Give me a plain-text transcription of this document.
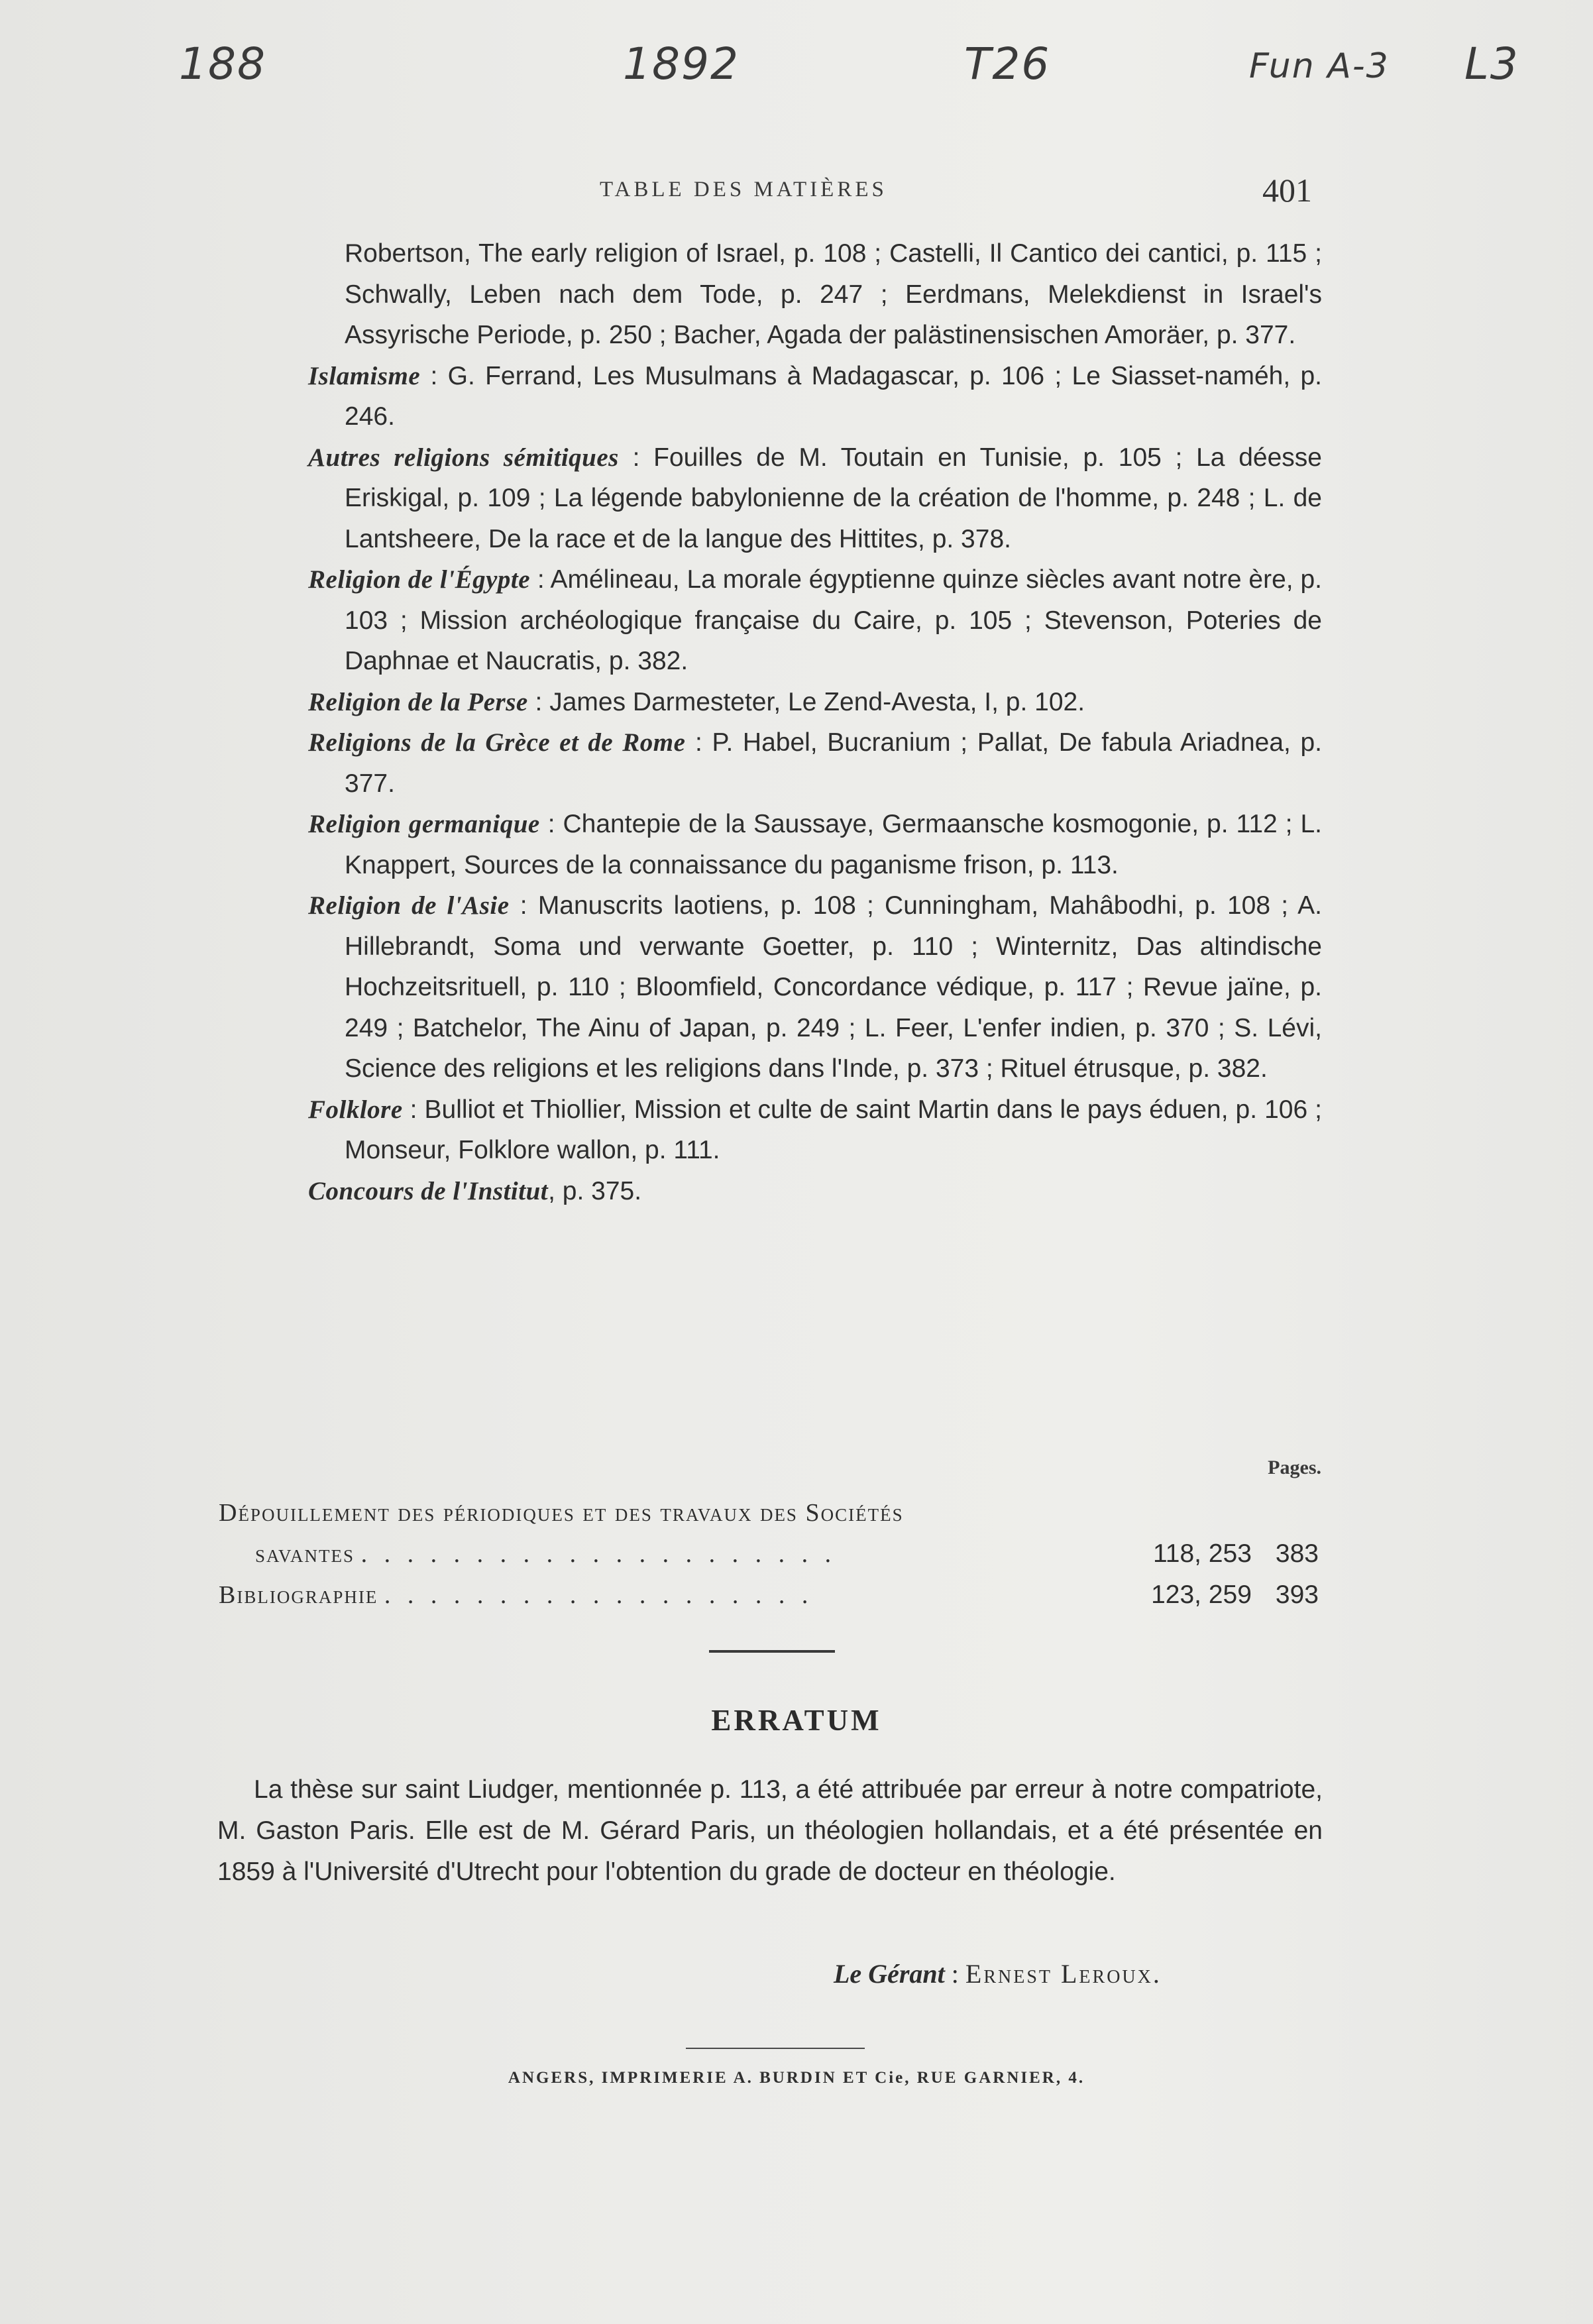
188	1892	T26	Fun A-3 L3
TABLE DES MATIÈRES	401

Robertson, The early religion of Israel, p. 108 ; Castelli, Il Cantico dei cantici, p. 115 ; Schwally, Leben nach dem Tode, p. 247 ; Eerdmans, Melekdienst in Israel's Assyrische Periode, p. 250 ; Bacher, Agada der palästinensischen Amoräer, p. 377.

Islamisme : G. Ferrand, Les Musulmans à Madagascar, p. 106 ; Le Siasset-naméh, p. 246.

Autres religions sémitiques : Fouilles de M. Toutain en Tunisie, p. 105 ; La déesse Eriskigal, p. 109 ; La légende babylonienne de la création de l'homme, p. 248 ; L. de Lantsheere, De la race et de la langue des Hittites, p. 378.

Religion de l'Égypte : Amélineau, La morale égyptienne quinze siècles avant notre ère, p. 103 ; Mission archéologique française du Caire, p. 105 ; Stevenson, Poteries de Daphnae et Naucratis, p. 382.

Religion de la Perse : James Darmesteter, Le Zend-Avesta, I, p. 102.

Religions de la Grèce et de Rome : P. Habel, Bucranium ; Pallat, De fabula Ariadnea, p. 377.

Religion germanique : Chantepie de la Saussaye, Germaansche kosmogonie, p. 112 ; L. Knappert, Sources de la connaissance du paganisme frison, p. 113.

Religion de l'Asie : Manuscrits laotiens, p. 108 ; Cunningham, Mahâbodhi, p. 108 ; A. Hillebrandt, Soma und verwante Goetter, p. 110 ; Winternitz, Das altindische Hochzeitsrituell, p. 110 ; Bloomfield, Concordance védique, p. 117 ; Revue jaïne, p. 249 ; Batchelor, The Ainu of Japan, p. 249 ; L. Feer, L'enfer indien, p. 370 ; S. Lévi, Science des religions et les religions dans l'Inde, p. 373 ; Rituel étrusque, p. 382.

Folklore : Bulliot et Thiollier, Mission et culte de saint Martin dans le pays éduen, p. 106 ; Monseur, Folklore wallon, p. 111.

Concours de l'Institut, p. 375.

Pages.
Dépouillement des périodiques et des travaux des Sociétés
savantes . . . . . . . . . . . . . . . . . . . . .	118, 253 383
Bibliographie . . . . . . . . . . . . . . . . . . .	123, 259 393
ERRATUM

La thèse sur saint Liudger, mentionnée p. 113, a été attribuée par erreur à notre compatriote, M. Gaston Paris. Elle est de M. Gérard Paris, un théologien hollandais, et a été présentée en 1859 à l'Université d'Utrecht pour l'obtention du grade de docteur en théologie.

Le Gérant : Ernest Leroux.
ANGERS, IMPRIMERIE A. BURDIN ET Cie, RUE GARNIER, 4.
